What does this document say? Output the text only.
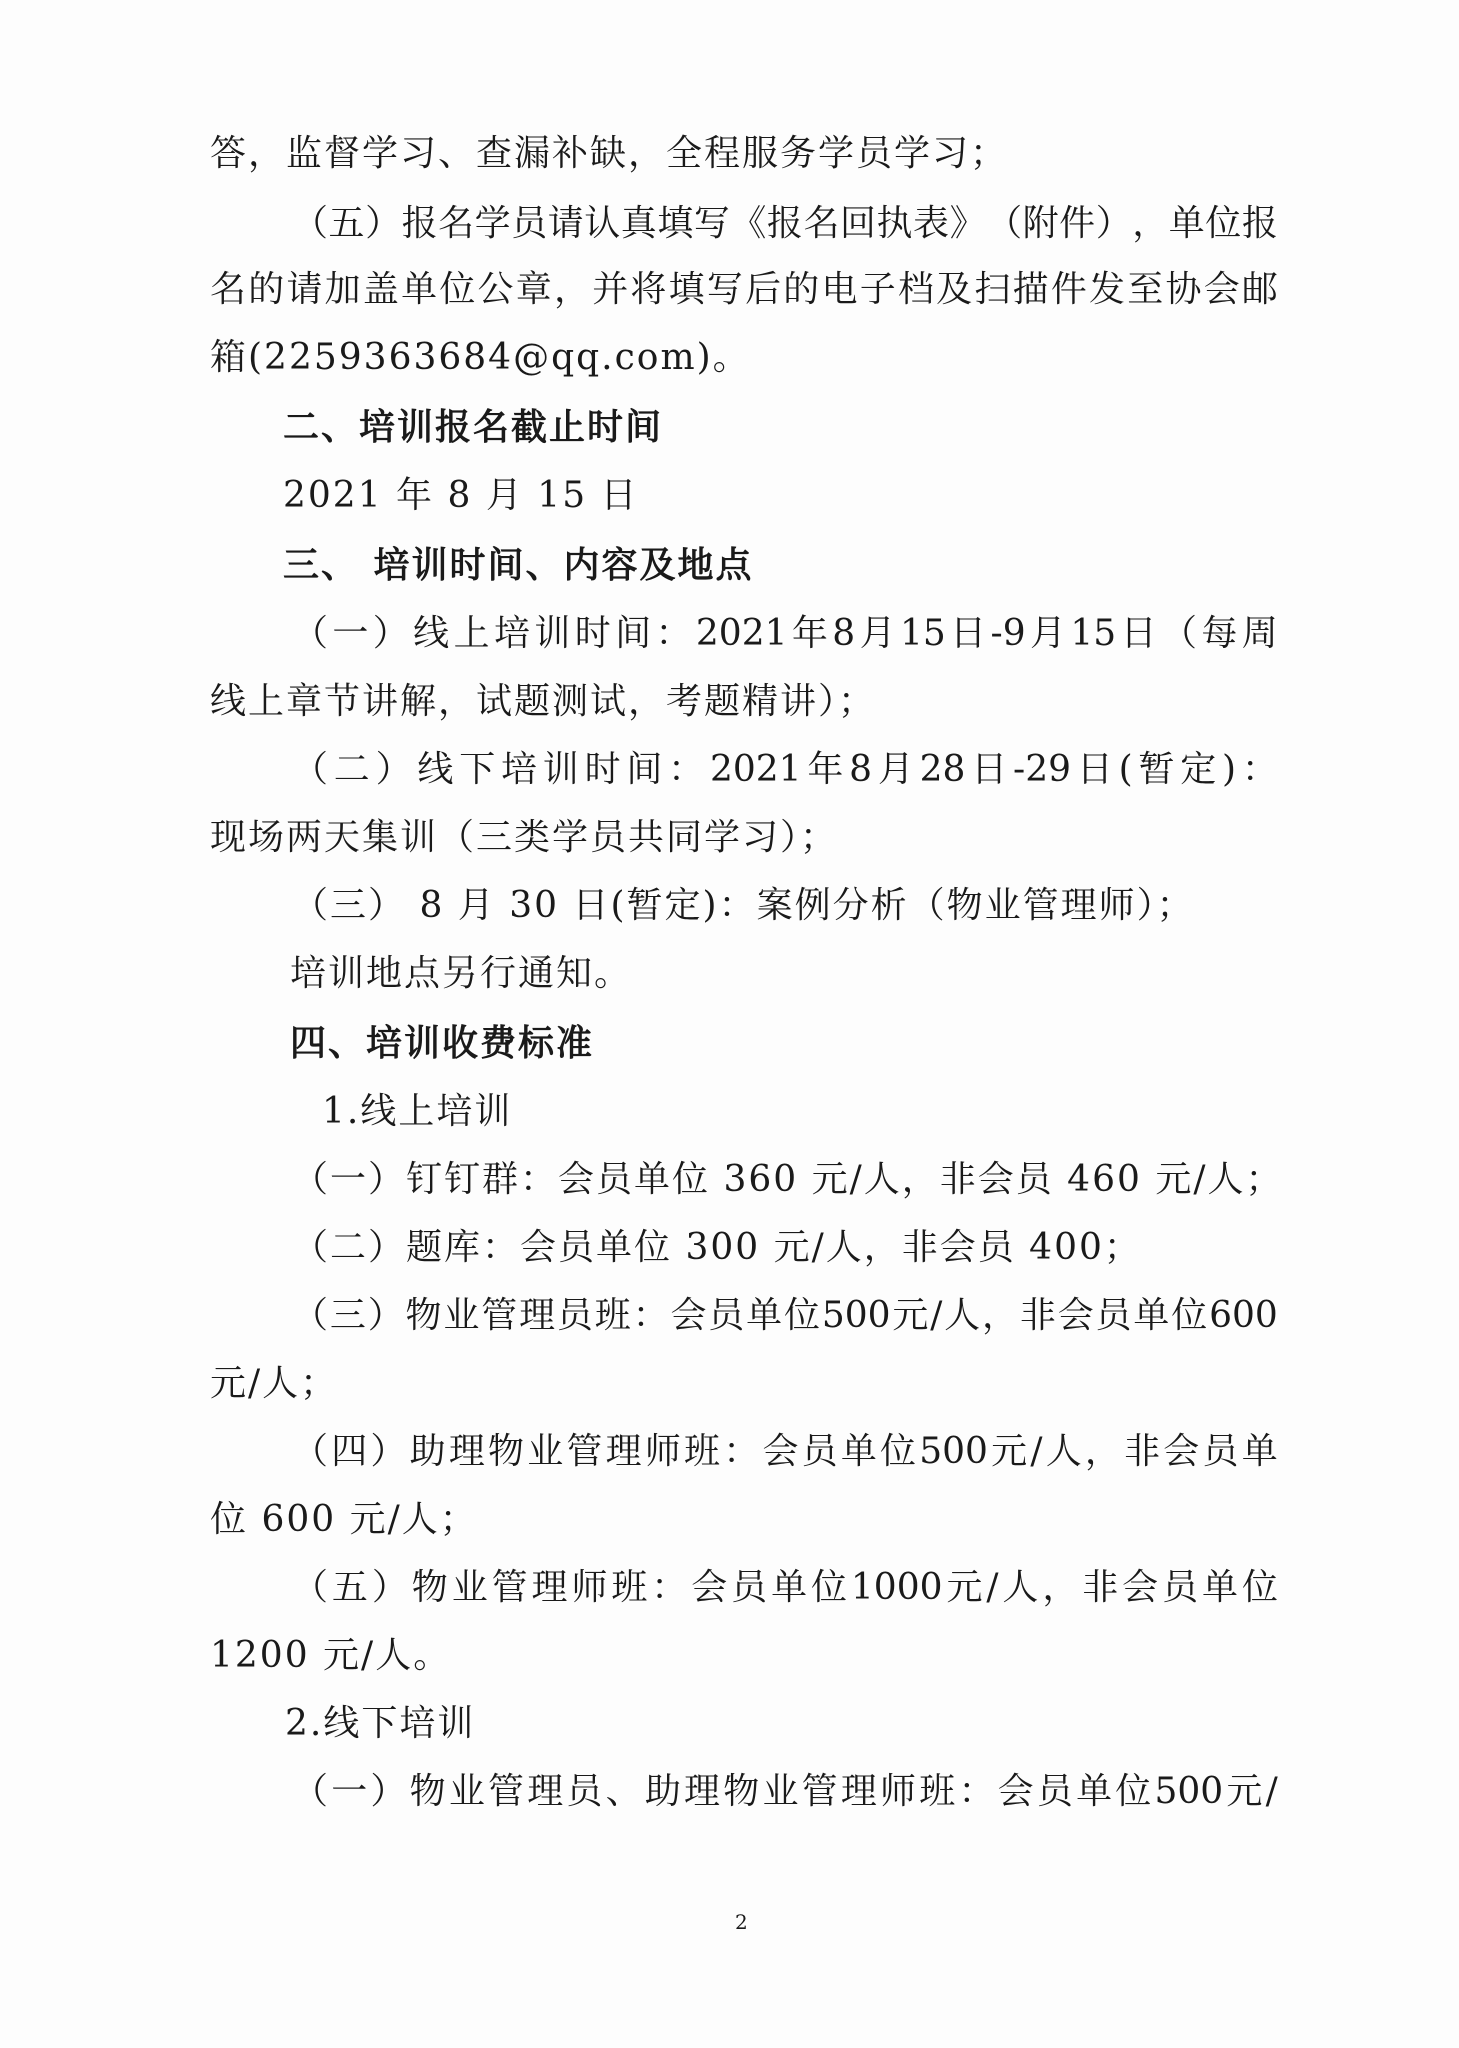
答，监督学习、查漏补缺，全程服务学员学习；
（ 五 ） 报 名 学 员 请 认 真 填 写 《 报 名 回 执 表 》 （ 附 件 ） ， 单 位 报
名 的 请 加 盖 单 位 公 章 ， 并 将 填 写 后 的 电 子 档 及 扫 描 件 发 至 协 会 邮
箱(2259363684@qq.com)。
二、培训报名截止时间
2021 年 8 月 15 日
三、 培训时间、内容及地点
（ 一 ） 线 上 培 训 时 间 ： 2021 年 8 月 15 日 -9 月 15 日 （ 每 周
线上章节讲解，试题测试，考题精讲）；
（ 二 ） 线 下 培 训 时 间 ： 2021 年 8 月 28 日 -29 日 ( 暂 定 ) ：
现场两天集训（三类学员共同学习）；
（三） 8 月 30 日(暂定)：案例分析（物业管理师）；
培训地点另行通知。
四、培训收费标准
1.线上培训
（一）钉钉群：会员单位 360 元/人，非会员 460 元/人；
（二）题库：会员单位 300 元/人，非会员 400；
（ 三 ） 物 业 管 理 员 班 ： 会 员 单 位 500 元 / 人 ， 非 会 员 单 位 600
元/人；
（ 四 ） 助 理 物 业 管 理 师 班 ： 会 员 单 位 500 元 / 人 ， 非 会 员 单
位 600 元/人；
（ 五 ） 物 业 管 理 师 班 ： 会 员 单 位 1000 元 / 人 ， 非 会 员 单 位
1200 元/人。
2.线下培训
（ 一 ） 物 业 管 理 员 、 助 理 物 业 管 理 师 班 ： 会 员 单 位 500 元 /
2
